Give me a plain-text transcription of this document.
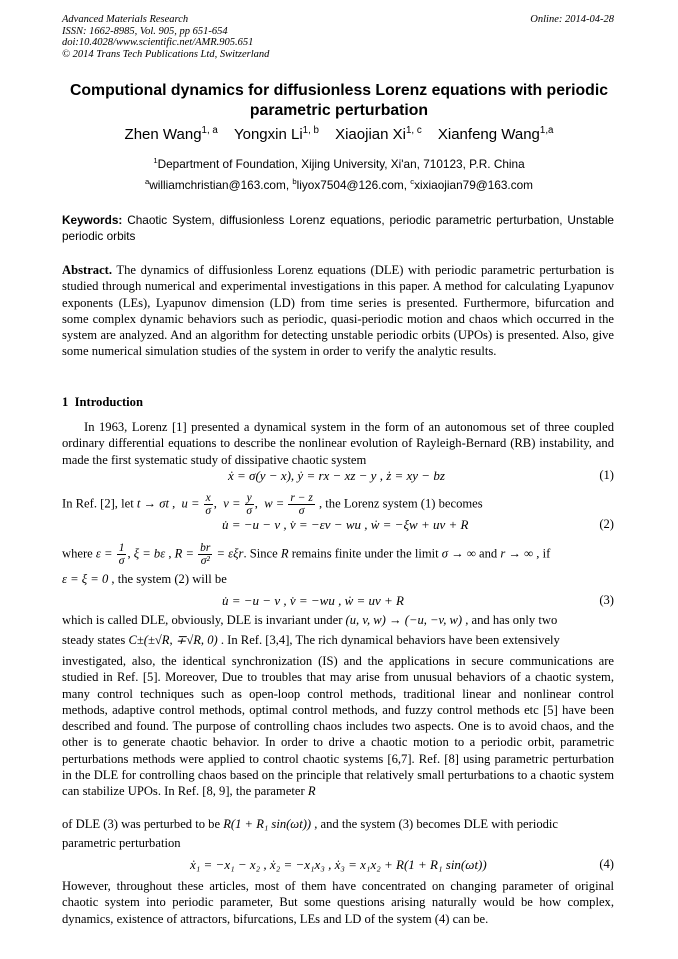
Advanced Materials Research
ISSN: 1662-8985, Vol. 905, pp 651-654
doi:10.4028/www.scientific.net/AMR.905.651
© 2014 Trans Tech Publications Ltd, Switzerland
Online: 2014-04-28
Computional dynamics for diffusionless Lorenz equations with periodic parametric perturbation
Zhen Wang$^{1, a}$ Yongxin Li$^{1, b}$ Xiaojian Xi$^{1, c}$ Xianfeng Wang$^{1,a}$
$^1$Department of Foundation, Xijing University, Xi'an, 710123, P.R. China
$^a$williamchristian@163.com, $^b$liyox7504@126.com, $^c$xixiaojian79@163.com
Keywords: Chaotic System, diffusionless Lorenz equations, periodic parametric perturbation, Unstable periodic orbits
Abstract. The dynamics of diffusionless Lorenz equations (DLE) with periodic parametric perturbation is studied through numerical and experimental investigations in this paper. A method for calculating Lyapunov exponents (LEs), Lyapunov dimension (LD) from time series is presented. Furthermore, bifurcation and some complex dynamic behaviors such as periodic, quasi-periodic motion and chaos which occurred in the system are analyzed. And an algorithm for detecting unstable periodic orbits (UPOs) is presented. Also, give some numerical simulation studies of the system in order to verify the analytic results.
1 Introduction
In 1963, Lorenz [1] presented a dynamical system in the form of an autonomous set of three coupled ordinary differential equations to describe the nonlinear evolution of Rayleigh-Bernard (RB) instability, and made the first systematic study of dissipative chaotic system
ẋ = σ(y − x), ẏ = rx − xz − y , ż = xy − bz	(1)
In Ref. [2], let t → σt ,  $u = \frac{x}{\sigma}$ ,  $v = \frac{y}{\sigma}$ ,  $w = \frac{r - z}{\sigma}$ , the Lorenz system (1) becomes
u̇ = −u − v , v̇ = −εv − wu , ẇ = −ξw + uv + R	(2)
where $\varepsilon = \frac{1}{\sigma}$ , ξ = bε , $R = \frac{br}{\text{σ²}} = \varepsilon\xi r$. Since R remains finite under the limit σ → ∞ and r → ∞ , if
ε = ξ = 0 , the system (2) will be
u̇ = −u − v , v̇ = −wu , ẇ = uv + R	(3)
which is called DLE, obviously, DLE is invariant under (u, v, w) → (−u, −v, w) , and has only two
steady states C±(±√R, ∓√R, 0) . In Ref. [3,4], The rich dynamical behaviors have been extensively
investigated, also, the identical synchronization (IS) and the applications in secure communications are studied in Ref. [5]. Moreover, Due to troubles that may arise from unusual behaviors of a chaotic system, many control techniques such as open-loop control methods, traditional linear and nonlinear control methods, adaptive control methods, optimal control methods, and fuzzy control methods etc [5] have been described and found. The purpose of controlling chaos includes two aspects. One is to avoid chaos, and the other is to generate chaotic behavior. In order to drive a chaotic motion to a periodic orbit, parametric perturbations methods were applied to control chaotic systems [6,7]. Ref. [8] using parametric perturbation in the DLE for controlling chaos based on the principle that relatively small perturbations to a chaotic system can stabilize UPOs. In Ref. [8, 9], the parameter R
of DLE (3) was perturbed to be R(1 + R₁ sin(ωt)) , and the system (3) becomes DLE with periodic
parametric perturbation
ẋ₁ = −x₁ − x₂ , ẋ₂ = −x₁x₃ , ẋ₃ = x₁x₂ + R(1 + R₁ sin(ωt))	(4)
However, throughout these articles, most of them have concentrated on changing parameter of original chaotic system into periodic parameter, But some questions arising naturally would be how complex, dynamics, existence of attractors, bifurcations, LEs and LD of the system (4) can be.
